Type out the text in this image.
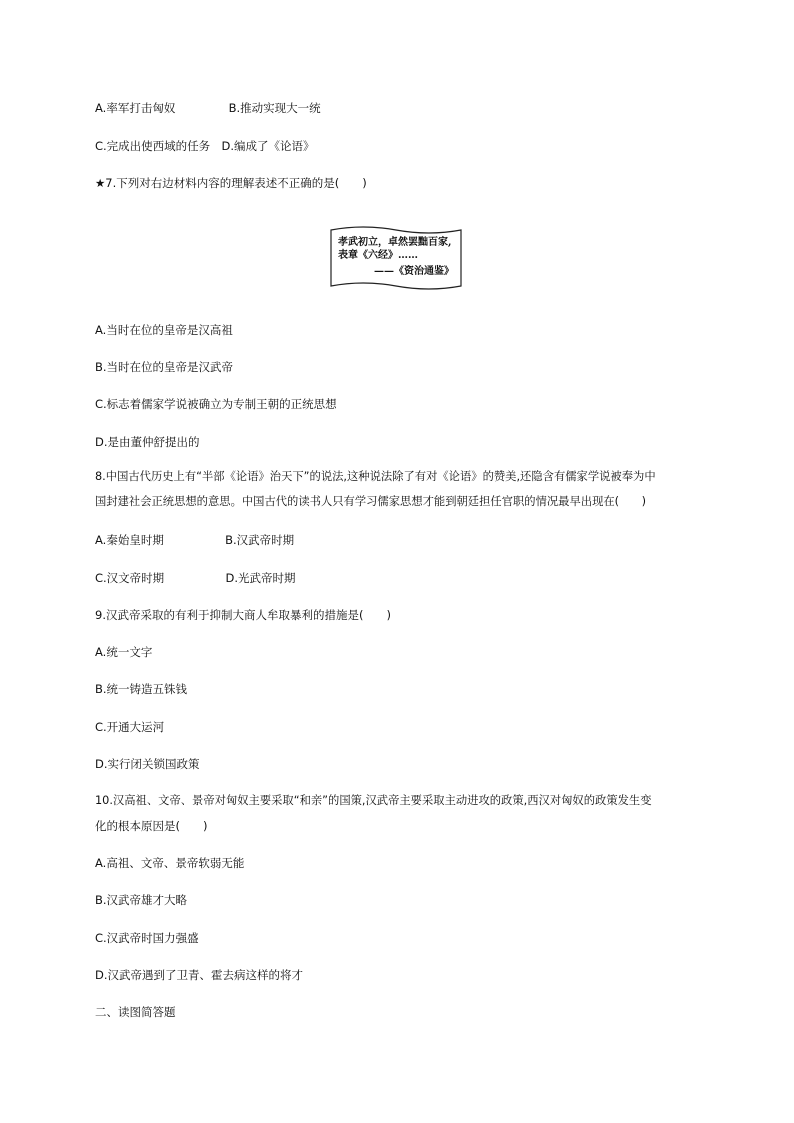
A.率军打击匈奴	B.推动实现大一统
C.完成出使西域的任务 D.编成了《论语》
★7.下列对右边材料内容的理解表述不正确的是(　　)
孝武初立，卓然罢黜百家,
表章《六经》……
——《资治通鉴》
A.当时在位的皇帝是汉高祖
B.当时在位的皇帝是汉武帝
C.标志着儒家学说被确立为专制王朝的正统思想
D.是由董仲舒提出的
8.中国古代历史上有“半部《论语》治天下”的说法,这种说法除了有对《论语》的赞美,还隐含有儒家学说被奉为中
国封建社会正统思想的意思。中国古代的读书人只有学习儒家思想才能到朝廷担任官职的情况最早出现在(　　)
A.秦始皇时期	B.汉武帝时期
C.汉文帝时期	D.光武帝时期
9.汉武帝采取的有利于抑制大商人牟取暴利的措施是(　　)
A.统一文字
B.统一铸造五铢钱
C.开通大运河
D.实行闭关锁国政策
10.汉高祖、文帝、景帝对匈奴主要采取“和亲”的国策,汉武帝主要采取主动进攻的政策,西汉对匈奴的政策发生变
化的根本原因是(　　)
A.高祖、文帝、景帝软弱无能
B.汉武帝雄才大略
C.汉武帝时国力强盛
D.汉武帝遇到了卫青、霍去病这样的将才
二、读图简答题
